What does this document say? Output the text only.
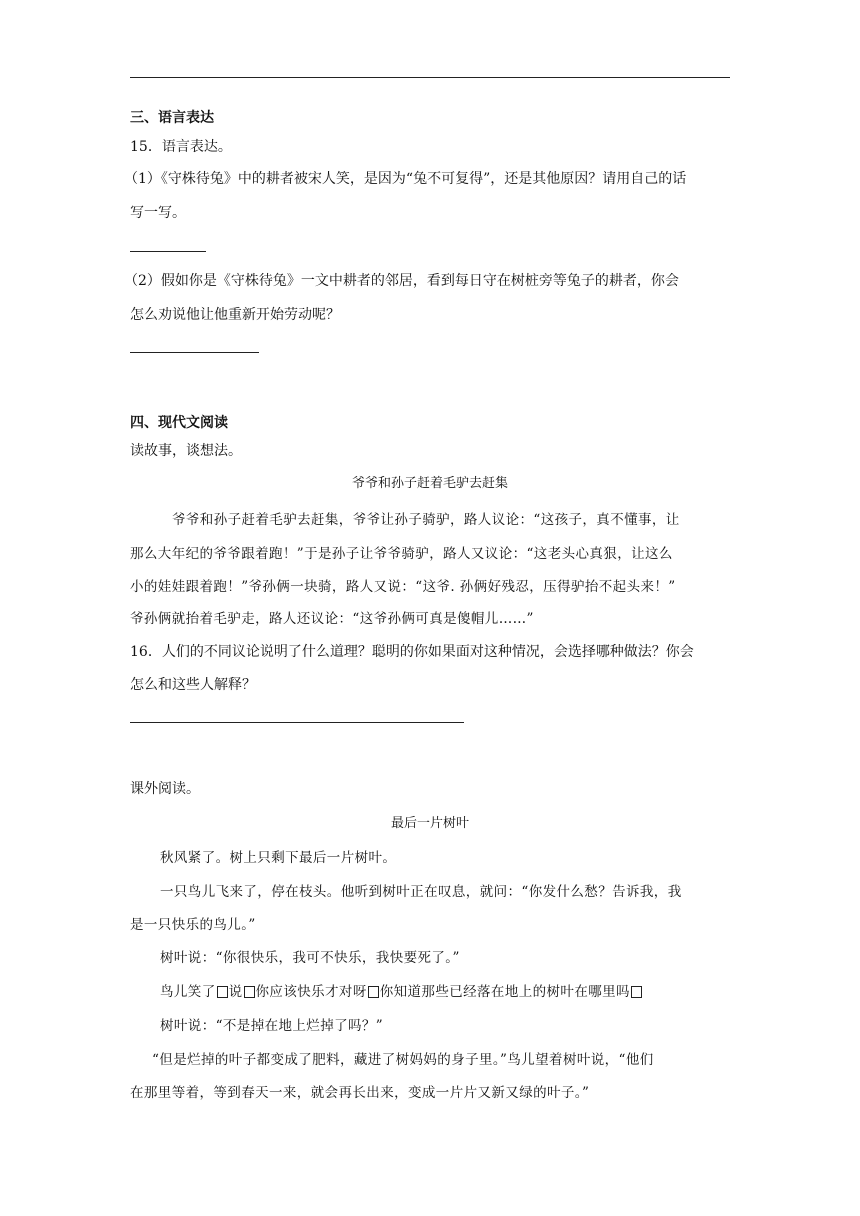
三、语言表达
15．语言表达。
（1）《守株待兔》中的耕者被宋人笑，是因为“兔不可复得”，还是其他原因？请用自己的话
写一写。
（2）假如你是《守株待兔》一文中耕者的邻居，看到每日守在树桩旁等兔子的耕者，你会
怎么劝说他让他重新开始劳动呢？
四、现代文阅读
读故事，谈想法。
爷爷和孙子赶着毛驴去赶集
爷爷和孙子赶着毛驴去赶集，爷爷让孙子骑驴，路人议论：“这孩子，真不懂事，让
那么大年纪的爷爷跟着跑！”于是孙子让爷爷骑驴，路人又议论：“这老头心真狠，让这么
小的娃娃跟着跑！”爷孙俩一块骑，路人又说：“这爷. 孙俩好残忍，压得驴抬不起头来！”
爷孙俩就抬着毛驴走，路人还议论：“这爷孙俩可真是傻帽儿……”
16．人们的不同议论说明了什么道理？聪明的你如果面对这种情况，会选择哪种做法？你会
怎么和这些人解释？
课外阅读。
最后一片树叶
秋风紧了。树上只剩下最后一片树叶。
一只鸟儿飞来了，停在枝头。他听到树叶正在叹息，就问：“你发什么愁？告诉我，我
是一只快乐的鸟儿。”
树叶说：“你很快乐，我可不快乐，我快要死了。”
鸟儿笑了 说 你应该快乐才对呀 你知道那些已经落在地上的树叶在哪里吗
树叶说：“不是掉在地上烂掉了吗？”
“但是烂掉的叶子都变成了肥料，藏进了树妈妈的身子里。”鸟儿望着树叶说，“他们
在那里等着，等到春天一来，就会再长出来，变成一片片又新又绿的叶子。”
